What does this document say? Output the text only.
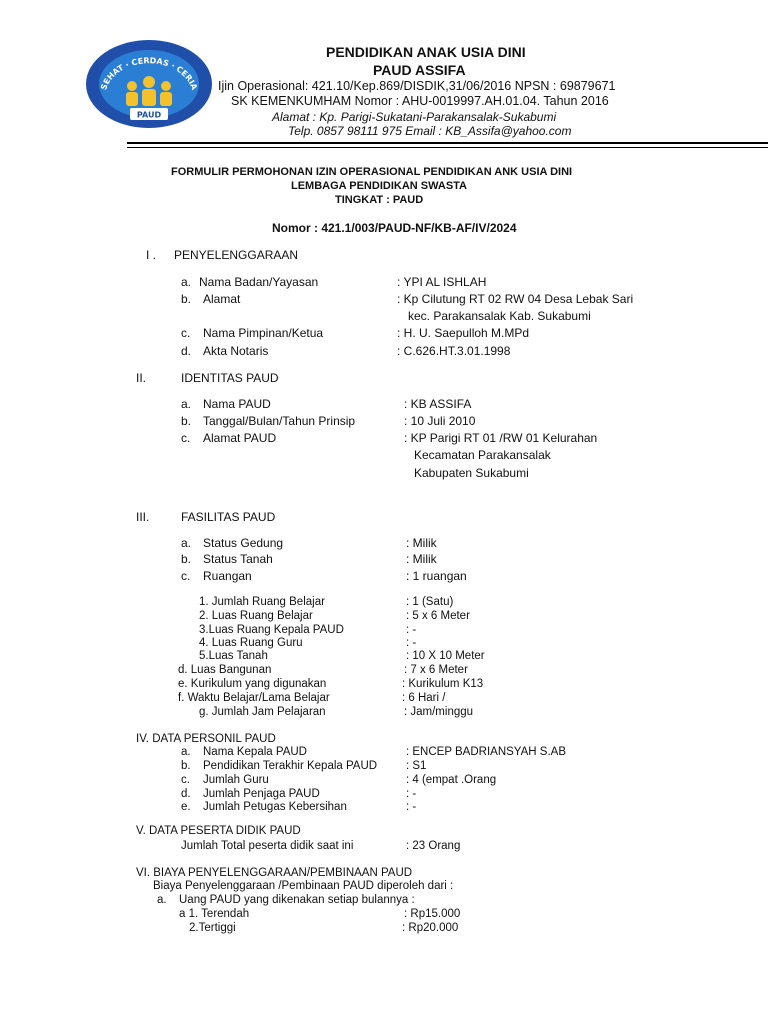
SEHAT · CERDAS · CERIA
PAUD
PENDIDIKAN ANAK USIA DINI
PAUD ASSIFA
Ijin Operasional: 421.10/Kep.869/DISDIK,31/06/2016 NPSN : 69879671
SK KEMENKUMHAM Nomor : AHU-0019997.AH.01.04. Tahun 2016
Alamat : Kp. Parigi-Sukatani-Parakansalak-Sukabumi
Telp. 0857 98111 975 Email : KB_Assifa@yahoo.com
FORMULIR PERMOHONAN IZIN OPERASIONAL PENDIDIKAN ANK USIA DINI
LEMBAGA PENDIDIKAN SWASTA
TINGKAT : PAUD
Nomor : 421.1/003/PAUD-NF/KB-AF/IV/2024
I . PENYELENGGARAAN
a. Nama Badan/Yayasan	: YPI AL ISHLAH
b. Alamat	: Kp Cilutung RT 02 RW 04 Desa Lebak Sari
kec. Parakansalak Kab. Sukabumi
c. Nama Pimpinan/Ketua	: H. U. Saepulloh M.MPd
d. Akta Notaris	: C.626.HT.3.01.1998
II.	IDENTITAS PAUD
a. Nama PAUD	: KB ASSIFA
b. Tanggal/Bulan/Tahun Prinsip	: 10 Juli 2010
c. Alamat PAUD	: KP Parigi RT 01 /RW 01 Kelurahan
Kecamatan Parakansalak
Kabupaten Sukabumi
III.	FASILITAS PAUD
a. Status Gedung	: Milik
b. Status Tanah	: Milik
c. Ruangan	: 1 ruangan
1. Jumlah Ruang Belajar	: 1 (Satu)
2. Luas Ruang Belajar	: 5 x 6 Meter
3.Luas Ruang Kepala PAUD	: -
4. Luas Ruang Guru	: -
5.Luas Tanah	: 10 X 10 Meter
d. Luas Bangunan	: 7 x 6 Meter
e. Kurikulum yang digunakan	: Kurikulum K13
f. Waktu Belajar/Lama Belajar	: 6 Hari /
g. Jumlah Jam Pelajaran	: Jam/minggu
IV. DATA PERSONIL PAUD
a. Nama Kepala PAUD	: ENCEP BADRIANSYAH S.AB
b. Pendidikan Terakhir Kepala PAUD	: S1
c. Jumlah Guru	: 4 (empat .Orang
d. Jumlah Penjaga PAUD	: -
e. Jumlah Petugas Kebersihan	: -
V. DATA PESERTA DIDIK PAUD
Jumlah Total peserta didik saat ini	: 23 Orang
VI. BIAYA PENYELENGGARAAN/PEMBINAAN PAUD
Biaya Penyelenggaraan /Pembinaan PAUD diperoleh dari :
a. Uang PAUD yang dikenakan setiap bulannya :
a 1. Terendah	: Rp15.000
2.Tertiggi	: Rp20.000
